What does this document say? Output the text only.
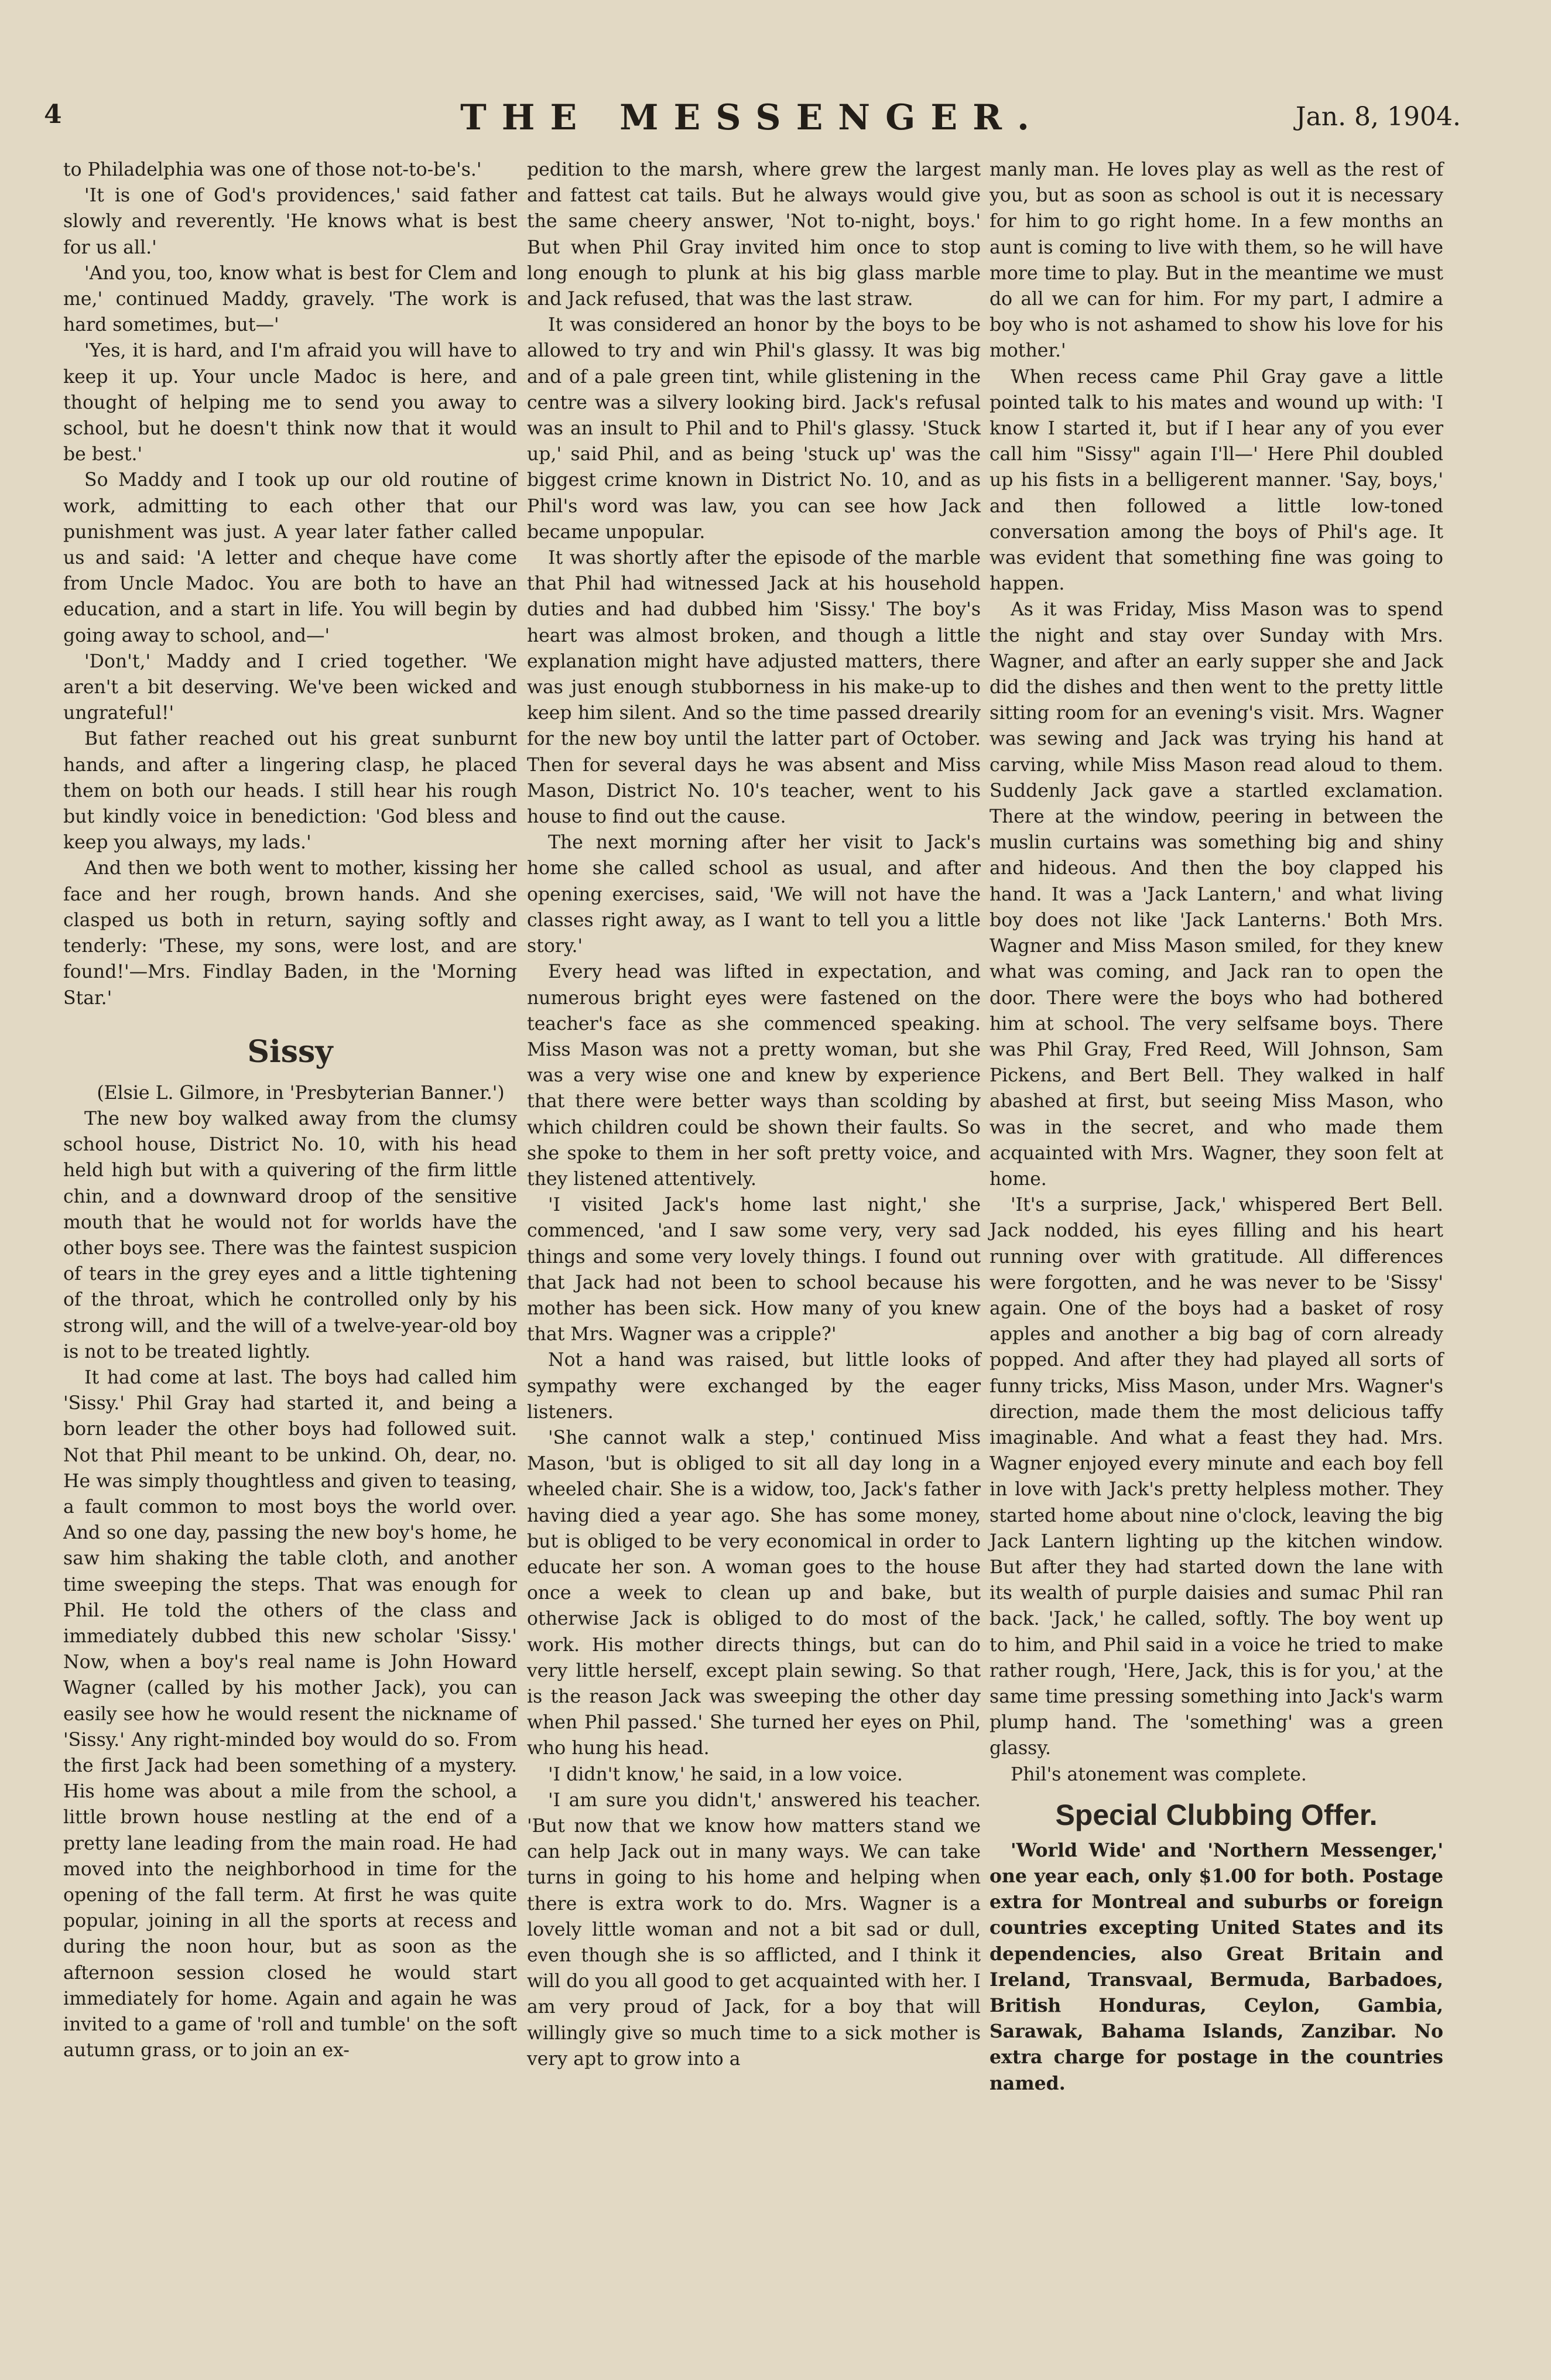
4	THE MESSENGER.	Jan. 8, 1904.

to Philadelphia was one of those not-to-be's.'

'It is one of God's providences,' said father slowly and reverently. 'He knows what is best for us all.'

'And you, too, know what is best for Clem and me,' continued Maddy, gravely. 'The work is hard sometimes, but—'

'Yes, it is hard, and I'm afraid you will have to keep it up. Your uncle Madoc is here, and thought of helping me to send you away to school, but he doesn't think now that it would be best.'

So Maddy and I took up our old routine of work, admitting to each other that our punishment was just. A year later father called us and said: 'A letter and cheque have come from Uncle Madoc. You are both to have an education, and a start in life. You will begin by going away to school, and—'

'Don't,' Maddy and I cried together. 'We aren't a bit deserving. We've been wicked and ungrateful!'

But father reached out his great sunburnt hands, and after a lingering clasp, he placed them on both our heads. I still hear his rough but kindly voice in benediction: 'God bless and keep you always, my lads.'

And then we both went to mother, kissing her face and her rough, brown hands. And she clasped us both in return, saying softly and tenderly: 'These, my sons, were lost, and are found!'—Mrs. Findlay Baden, in the 'Morning Star.'

Sissy

(Elsie L. Gilmore, in 'Presbyterian Banner.')

The new boy walked away from the clumsy school house, District No. 10, with his head held high but with a quivering of the firm little chin, and a downward droop of the sensitive mouth that he would not for worlds have the other boys see. There was the faintest suspicion of tears in the grey eyes and a little tightening of the throat, which he controlled only by his strong will, and the will of a twelve-year-old boy is not to be treated lightly.

It had come at last. The boys had called him 'Sissy.' Phil Gray had started it, and being a born leader the other boys had followed suit. Not that Phil meant to be unkind. Oh, dear, no. He was simply thoughtless and given to teasing, a fault common to most boys the world over. And so one day, passing the new boy's home, he saw him shaking the table cloth, and another time sweeping the steps. That was enough for Phil. He told the others of the class and immediately dubbed this new scholar 'Sissy.' Now, when a boy's real name is John Howard Wagner (called by his mother Jack), you can easily see how he would resent the nickname of 'Sissy.' Any right-minded boy would do so. From the first Jack had been something of a mystery. His home was about a mile from the school, a little brown house nestling at the end of a pretty lane leading from the main road. He had moved into the neighborhood in time for the opening of the fall term. At first he was quite popular, joining in all the sports at recess and during the noon hour, but as soon as the afternoon session closed he would start immediately for home. Again and again he was invited to a game of 'roll and tumble' on the soft autumn grass, or to join an ex-

pedition to the marsh, where grew the largest and fattest cat tails. But he always would give the same cheery answer, 'Not to-night, boys.' But when Phil Gray invited him once to stop long enough to plunk at his big glass marble and Jack refused, that was the last straw.

It was considered an honor by the boys to be allowed to try and win Phil's glassy. It was big and of a pale green tint, while glistening in the centre was a silvery looking bird. Jack's refusal was an insult to Phil and to Phil's glassy. 'Stuck up,' said Phil, and as being 'stuck up' was the biggest crime known in District No. 10, and as Phil's word was law, you can see how Jack became unpopular.

It was shortly after the episode of the marble that Phil had witnessed Jack at his household duties and had dubbed him 'Sissy.' The boy's heart was almost broken, and though a little explanation might have adjusted matters, there was just enough stubborness in his make-up to keep him silent. And so the time passed drearily for the new boy until the latter part of October. Then for several days he was absent and Miss Mason, District No. 10's teacher, went to his house to find out the cause.

The next morning after her visit to Jack's home she called school as usual, and after opening exercises, said, 'We will not have the classes right away, as I want to tell you a little story.'

Every head was lifted in expectation, and numerous bright eyes were fastened on the teacher's face as she commenced speaking. Miss Mason was not a pretty woman, but she was a very wise one and knew by experience that there were better ways than scolding by which children could be shown their faults. So she spoke to them in her soft pretty voice, and they listened attentively.

'I visited Jack's home last night,' she commenced, 'and I saw some very, very sad things and some very lovely things. I found out that Jack had not been to school because his mother has been sick. How many of you knew that Mrs. Wagner was a cripple?'

Not a hand was raised, but little looks of sympathy were exchanged by the eager listeners.

'She cannot walk a step,' continued Miss Mason, 'but is obliged to sit all day long in a wheeled chair. She is a widow, too, Jack's father having died a year ago. She has some money, but is obliged to be very economical in order to educate her son. A woman goes to the house once a week to clean up and bake, but otherwise Jack is obliged to do most of the work. His mother directs things, but can do very little herself, except plain sewing. So that is the reason Jack was sweeping the other day when Phil passed.' She turned her eyes on Phil, who hung his head.

'I didn't know,' he said, in a low voice.

'I am sure you didn't,' answered his teacher. 'But now that we know how matters stand we can help Jack out in many ways. We can take turns in going to his home and helping when there is extra work to do. Mrs. Wagner is a lovely little woman and not a bit sad or dull, even though she is so afflicted, and I think it will do you all good to get acquainted with her. I am very proud of Jack, for a boy that will willingly give so much time to a sick mother is very apt to grow into a

manly man. He loves play as well as the rest of you, but as soon as school is out it is necessary for him to go right home. In a few months an aunt is coming to live with them, so he will have more time to play. But in the meantime we must do all we can for him. For my part, I admire a boy who is not ashamed to show his love for his mother.'

When recess came Phil Gray gave a little pointed talk to his mates and wound up with: 'I know I started it, but if I hear any of you ever call him "Sissy" again I'll—' Here Phil doubled up his fists in a belligerent manner. 'Say, boys,' and then followed a little low-toned conversation among the boys of Phil's age. It was evident that something fine was going to happen.

As it was Friday, Miss Mason was to spend the night and stay over Sunday with Mrs. Wagner, and after an early supper she and Jack did the dishes and then went to the pretty little sitting room for an evening's visit. Mrs. Wagner was sewing and Jack was trying his hand at carving, while Miss Mason read aloud to them. Suddenly Jack gave a startled exclamation. There at the window, peering in between the muslin curtains was something big and shiny and hideous. And then the boy clapped his hand. It was a 'Jack Lantern,' and what living boy does not like 'Jack Lanterns.' Both Mrs. Wagner and Miss Mason smiled, for they knew what was coming, and Jack ran to open the door. There were the boys who had bothered him at school. The very selfsame boys. There was Phil Gray, Fred Reed, Will Johnson, Sam Pickens, and Bert Bell. They walked in half abashed at first, but seeing Miss Mason, who was in the secret, and who made them acquainted with Mrs. Wagner, they soon felt at home.

'It's a surprise, Jack,' whispered Bert Bell. Jack nodded, his eyes filling and his heart running over with gratitude. All differences were forgotten, and he was never to be 'Sissy' again. One of the boys had a basket of rosy apples and another a big bag of corn already popped. And after they had played all sorts of funny tricks, Miss Mason, under Mrs. Wagner's direction, made them the most delicious taffy imaginable. And what a feast they had. Mrs. Wagner enjoyed every minute and each boy fell in love with Jack's pretty helpless mother. They started home about nine o'clock, leaving the big Jack Lantern lighting up the kitchen window. But after they had started down the lane with its wealth of purple daisies and sumac Phil ran back. 'Jack,' he called, softly. The boy went up to him, and Phil said in a voice he tried to make rather rough, 'Here, Jack, this is for you,' at the same time pressing something into Jack's warm plump hand. The 'something' was a green glassy.

Phil's atonement was complete.

Special Clubbing Offer.

'World Wide' and 'Northern Messenger,' one year each, only $1.00 for both. Postage extra for Montreal and suburbs or foreign countries excepting United States and its dependencies, also Great Britain and Ireland, Transvaal, Bermuda, Barbadoes, British Honduras, Ceylon, Gambia, Sarawak, Bahama Islands, Zanzibar. No extra charge for postage in the countries named.
